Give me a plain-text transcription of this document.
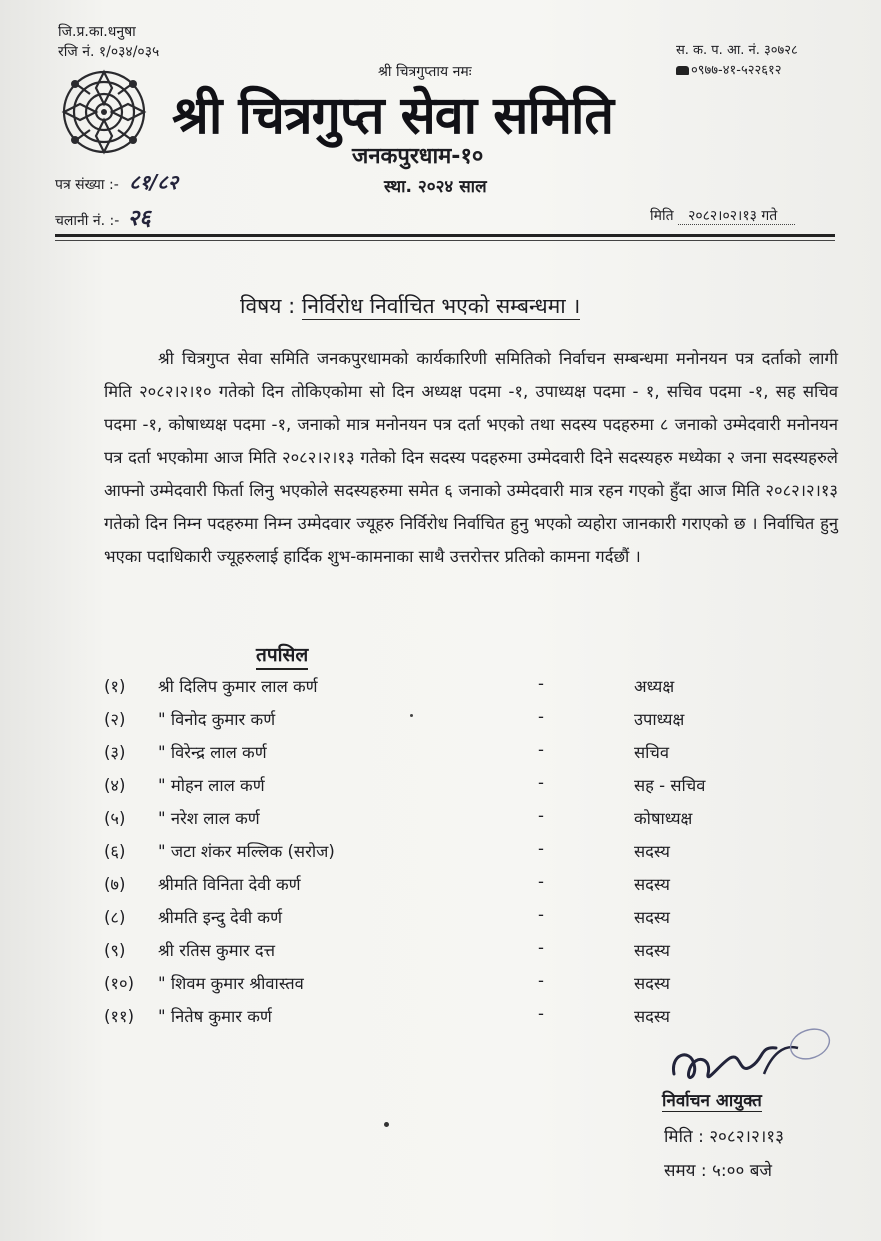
जि.प्र.का.धनुषा
रजि नं. १/०३४/०३५	स. क. प. आ. नं. ३०७२८
०९७७-४१-५२२६१२
श्री चित्रगुप्ताय नमः
श्री चित्रगुप्त सेवा समिति
जनकपुरधाम-१०
स्था. २०२४ साल
पत्र संख्या :- ८१/८२
चलानी नं. :- २६	मिति २०८२।०२।१३ गते
विषय : निर्विरोध निर्वाचित भएको सम्बन्धमा ।

श्री चित्रगुप्त सेवा समिति जनकपुरधामको कार्यकारिणी समितिको निर्वाचन सम्बन्धमा मनोनयन पत्र दर्ताको लागी मिति २०८२।२।१० गतेको दिन तोकिएकोमा सो दिन अध्यक्ष पदमा -१, उपाध्यक्ष पदमा - १, सचिव पदमा -१, सह सचिव पदमा -१, कोषाध्यक्ष पदमा -१, जनाको मात्र मनोनयन पत्र दर्ता भएको तथा सदस्य पदहरुमा ८ जनाको उम्मेदवारी मनोनयन पत्र दर्ता भएकोमा आज मिति २०८२।२।१३ गतेको दिन सदस्य पदहरुमा उम्मेदवारी दिने सदस्यहरु मध्येका २ जना सदस्यहरुले आफ्नो उम्मेदवारी फिर्ता लिनु भएकोले सदस्यहरुमा समेत ६ जनाको उम्मेदवारी मात्र रहन गएको हुँदा आज मिति २०८२।२।१३ गतेको दिन निम्न पदहरुमा निम्न उम्मेदवार ज्यूहरु निर्विरोध निर्वाचित हुनु भएको व्यहोरा जानकारी गराएको छ । निर्वाचित हुनु भएका पदाधिकारी ज्यूहरुलाई हार्दिक शुभ-कामनाका साथै उत्तरोत्तर प्रतिको कामना गर्दछौं ।

तपसिल
(१) श्री दिलिप कुमार लाल कर्ण	-	अध्यक्ष
(२) " विनोद कुमार कर्ण	-	उपाध्यक्ष
(३) " विरेन्द्र लाल कर्ण	-	सचिव
(४) " मोहन लाल कर्ण	-	सह - सचिव
(५) " नरेश लाल कर्ण	-	कोषाध्यक्ष
(६) " जटा शंकर मल्लिक (सरोज)	-	सदस्य
(७) श्रीमति विनिता देवी कर्ण	-	सदस्य
(८) श्रीमति इन्दु देवी कर्ण	-	सदस्य
(९) श्री रतिस कुमार दत्त	-	सदस्य
(१०) " शिवम कुमार श्रीवास्तव	-	सदस्य
(११) " नितेष कुमार कर्ण	-	सदस्य
निर्वाचन आयुक्त
मिति : २०८२।२।१३
समय : ५:०० बजे
